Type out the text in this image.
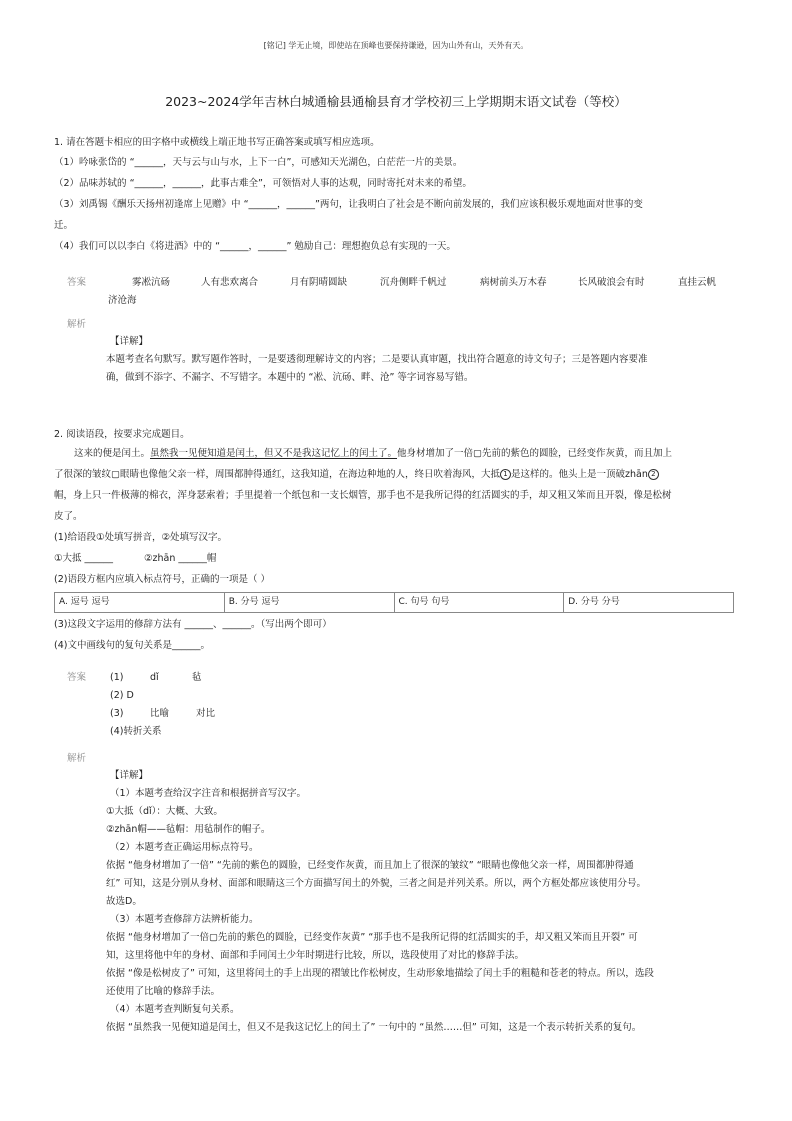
[铭记] 学无止境，即使站在顶峰也要保持谦逊，因为山外有山，天外有天。
2023~2024学年吉林白城通榆县通榆县育才学校初三上学期期末语文试卷（等校）
1. 请在答题卡相应的田字格中或横线上端正地书写正确答案或填写相应选项。
（1）吟咏张岱的 “______，天与云与山与水，上下一白”，可感知天光湖色，白茫茫一片的美景。
（2）品味苏轼的 “______，______，此事古难全”，可领悟对人事的达观，同时寄托对未来的希望。
（3）刘禹锡《酬乐天扬州初逢席上见赠》中 “______，______”两句，让我明白了社会是不断向前发展的，我们应该积极乐观地面对世事的变
迁。
（4）我们可以以李白《将进酒》中的 “______，______” 勉励自己：理想抱负总有实现的一天。
答案	雾凇沆砀	人有悲欢离合	月有阴晴圆缺	沉舟侧畔千帆过	病树前头万木春	长风破浪会有时	直挂云帆
济沧海
解析
【详解】
本题考查名句默写。默写题作答时，一是要透彻理解诗文的内容；二是要认真审题，找出符合题意的诗文句子；三是答题内容要准
确，做到不添字、不漏字、不写错字。本题中的 “凇、沆砀、畔、沧” 等字词容易写错。
2. 阅读语段，按要求完成题目。
这来的便是闰土。虽然我一见便知道是闰土，但又不是我这记忆上的闰土了。他身材增加了一倍▢先前的紫色的圆脸，已经变作灰黄，而且加上
了很深的皱纹▢眼睛也像他父亲一样，周围都肿得通红，这我知道，在海边种地的人，终日吹着海风，大抵 1 是这样的。他头上是一顶破zhān 2
帽，身上只一件极薄的棉衣，浑身瑟索着；手里提着一个纸包和一支长烟管，那手也不是我所记得的红活圆实的手，却又粗又笨而且开裂，像是松树
皮了。
(1)给语段①处填写拼音，②处填写汉字。
①大抵 ______	②zhān ______帽
(2)语段方框内应填入标点符号，正确的一项是（ ）
A. 逗号 逗号	B. 分号 逗号	C. 句号 句号	D. 分号 分号
(3)这段文字运用的修辞方法有 ______、______。（写出两个即可）
(4)文中画线句的复句关系是______。
答案	(1)	dǐ	毡
(2) D
(3)	比喻	对比
(4)转折关系
解析
【详解】
（1）本题考查给汉字注音和根据拼音写汉字。
①大抵（dǐ）：大概、大致。
②zhān帽——毡帽：用毡制作的帽子。
（2）本题考查正确运用标点符号。
依据 “他身材增加了一倍” “先前的紫色的圆脸，已经变作灰黄，而且加上了很深的皱纹” “眼睛也像他父亲一样，周围都肿得通
红” 可知，这是分别从身材、面部和眼睛这三个方面描写闰土的外貌，三者之间是并列关系。所以，两个方框处都应该使用分号。
故选D。
（3）本题考查修辞方法辨析能力。
依据 “他身材增加了一倍▢先前的紫色的圆脸，已经变作灰黄” “那手也不是我所记得的红活圆实的手，却又粗又笨而且开裂” 可
知，这里将他中年的身材、面部和手同闰土少年时期进行比较，所以，选段使用了对比的修辞手法。
依据 “像是松树皮了” 可知，这里将闰土的手上出现的褶皱比作松树皮，生动形象地描绘了闰土手的粗糙和苍老的特点。所以，选段
还使用了比喻的修辞手法。
（4）本题考查判断复句关系。
依据 “虽然我一见便知道是闰土，但又不是我这记忆上的闰土了” 一句中的 “虽然……但” 可知，这是一个表示转折关系的复句。
